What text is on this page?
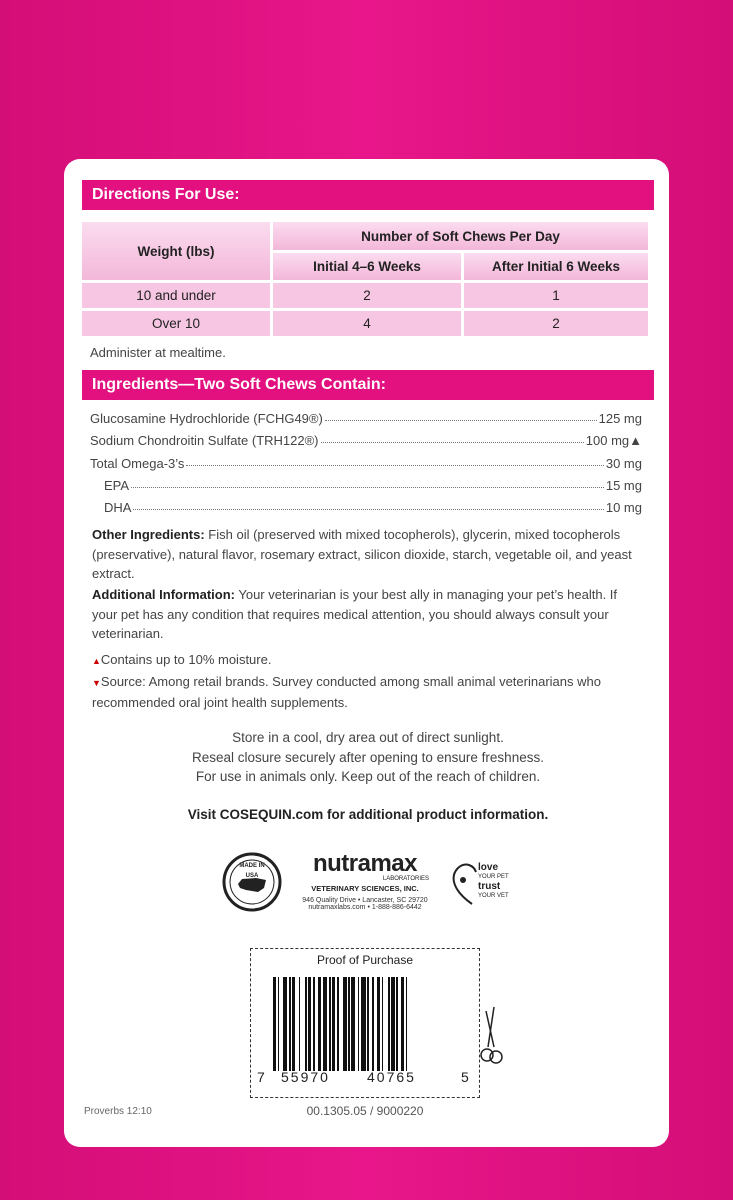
Directions For Use:
Weight (lbs)	Number of Soft Chews Per Day	
	Initial 4–6 Weeks	After Initial 6 Weeks
10 and under	2	1
Over 10	4	2
Administer at mealtime.
Ingredients—Two Soft Chews Contain:
Glucosamine Hydrochloride (FCHG49®)	125 mg
Sodium Chondroitin Sulfate (TRH122®)	100 mg▲
Total Omega-3’s	30 mg
EPA	15 mg
DHA	10 mg
Other Ingredients: Fish oil (preserved with mixed tocopherols), glycerin, mixed tocopherols (preservative), natural flavor, rosemary extract, silicon dioxide, starch, vegetable oil, and yeast extract.
Additional Information: Your veterinarian is your best ally in managing your pet’s health. If your pet has any condition that requires medical attention, you should always consult your veterinarian.
▲Contains up to 10% moisture.
▼Source: Among retail brands. Survey conducted among small animal veterinarians who recommended oral joint health supplements.
Store in a cool, dry area out of direct sunlight.
Reseal closure securely after opening to ensure freshness.
For use in animals only. Keep out of the reach of children.
Visit COSEQUIN.com for additional product information.
MADE IN
USA	nutramax
LABORATORIES
VETERINARY SCIENCES, INC.
946 Quality Drive • Lancaster, SC 29720
nutramaxlabs.com • 1-888-886-6442
love
YOUR PET
trust
YOUR VET
Proof of Purchase
7 55970	40765	5
Proverbs 12:10	00.1305.05 / 9000220
